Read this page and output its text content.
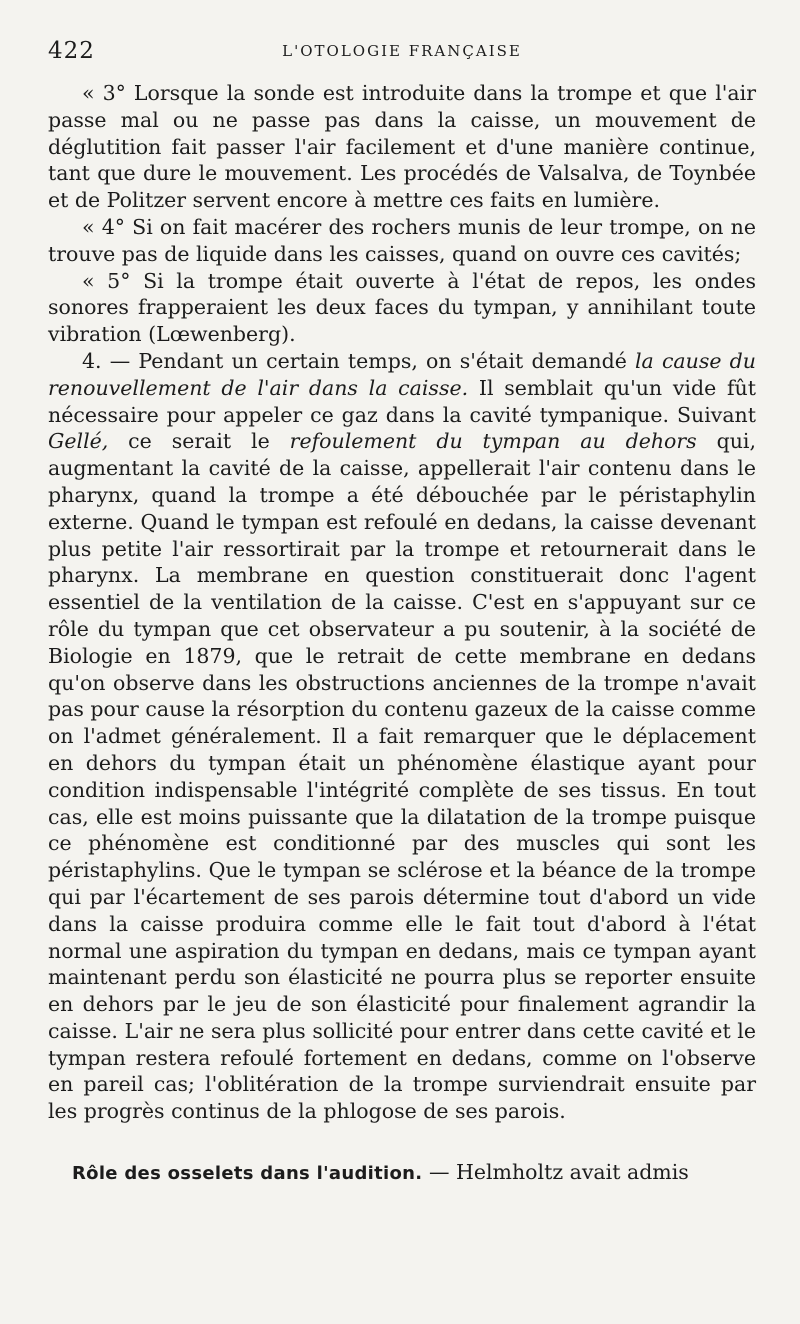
422	L'OTOLOGIE FRANÇAISE

« 3° Lorsque la sonde est introduite dans la trompe et que l'air passe mal ou ne passe pas dans la caisse, un mouvement de déglutition fait passer l'air facilement et d'une manière continue, tant que dure le mouvement. Les procédés de Valsalva, de Toynbée et de Politzer servent encore à mettre ces faits en lumière.

« 4° Si on fait macérer des rochers munis de leur trompe, on ne trouve pas de liquide dans les caisses, quand on ouvre ces cavités;

« 5° Si la trompe était ouverte à l'état de repos, les ondes sonores frapperaient les deux faces du tympan, y annihilant toute vibration (Lœwenberg).

4. — Pendant un certain temps, on s'était demandé la cause du renouvellement de l'air dans la caisse. Il semblait qu'un vide fût nécessaire pour appeler ce gaz dans la cavité tympanique. Suivant Gellé, ce serait le refoulement du tympan au dehors qui, augmentant la cavité de la caisse, appellerait l'air contenu dans le pharynx, quand la trompe a été débouchée par le péristaphylin externe. Quand le tympan est refoulé en dedans, la caisse devenant plus petite l'air ressortirait par la trompe et retournerait dans le pharynx. La membrane en question constituerait donc l'agent essentiel de la ventilation de la caisse. C'est en s'appuyant sur ce rôle du tympan que cet observateur a pu soutenir, à la société de Biologie en 1879, que le retrait de cette membrane en dedans qu'on observe dans les obstructions anciennes de la trompe n'avait pas pour cause la résorption du contenu gazeux de la caisse comme on l'admet généralement. Il a fait remarquer que le déplacement en dehors du tympan était un phénomène élastique ayant pour condition indispensable l'intégrité complète de ses tissus. En tout cas, elle est moins puissante que la dilatation de la trompe puisque ce phénomène est conditionné par des muscles qui sont les péristaphylins. Que le tympan se sclérose et la béance de la trompe qui par l'écartement de ses parois détermine tout d'abord un vide dans la caisse produira comme elle le fait tout d'abord à l'état normal une aspiration du tympan en dedans, mais ce tympan ayant maintenant perdu son élasticité ne pourra plus se reporter ensuite en dehors par le jeu de son élasticité pour finalement agrandir la caisse. L'air ne sera plus sollicité pour entrer dans cette cavité et le tympan restera refoulé fortement en dedans, comme on l'observe en pareil cas; l'oblitération de la trompe surviendrait ensuite par les progrès continus de la phlogose de ses parois.

Rôle des osselets dans l'audition. — Helmholtz avait admis
